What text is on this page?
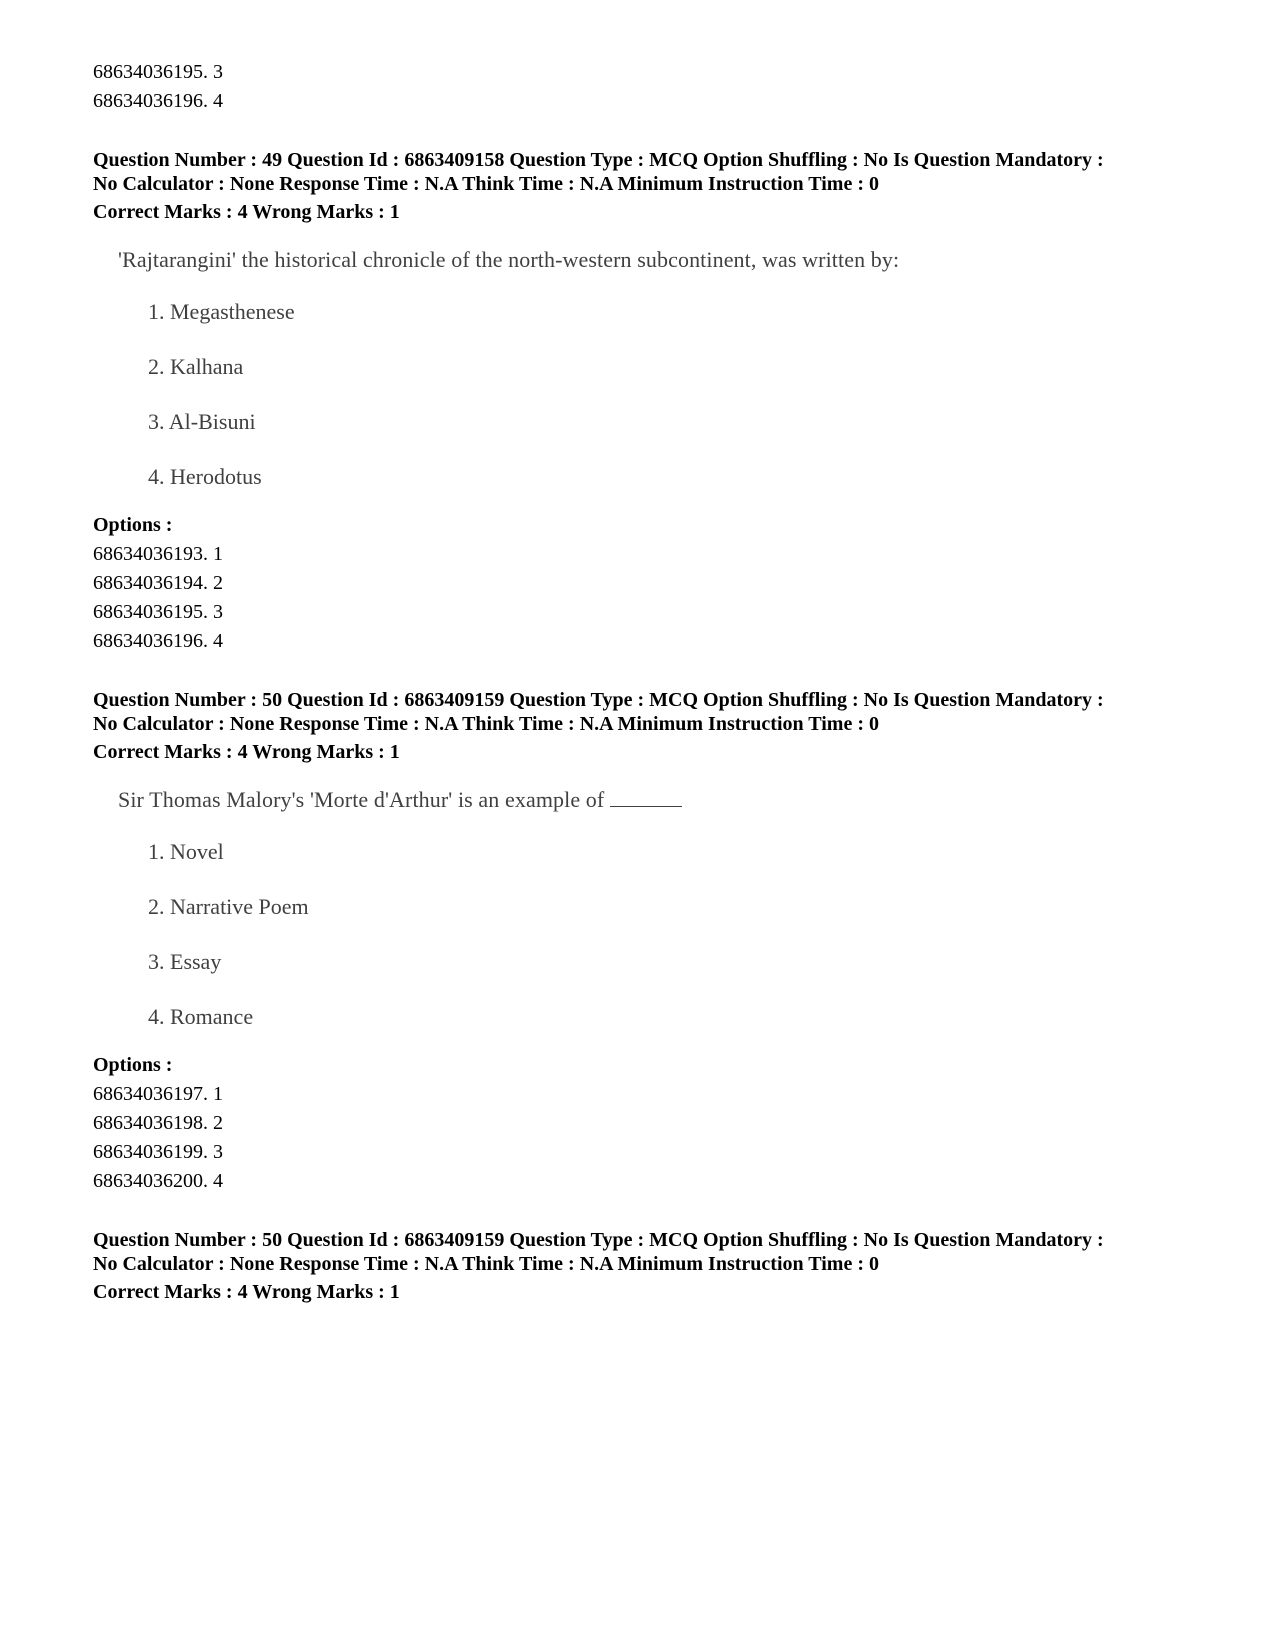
68634036195. 3
68634036196. 4
Question Number : 49 Question Id : 6863409158 Question Type : MCQ Option Shuffling : No Is Question Mandatory :
No Calculator : None Response Time : N.A Think Time : N.A Minimum Instruction Time : 0
Correct Marks : 4 Wrong Marks : 1
'Rajtarangini' the historical chronicle of the north-western subcontinent, was written by:
1. Megasthenese
2. Kalhana
3. Al-Bisuni
4. Herodotus
Options :
68634036193. 1
68634036194. 2
68634036195. 3
68634036196. 4
Question Number : 50 Question Id : 6863409159 Question Type : MCQ Option Shuffling : No Is Question Mandatory :
No Calculator : None Response Time : N.A Think Time : N.A Minimum Instruction Time : 0
Correct Marks : 4 Wrong Marks : 1
Sir Thomas Malory's 'Morte d'Arthur' is an example of
1. Novel
2. Narrative Poem
3. Essay
4. Romance
Options :
68634036197. 1
68634036198. 2
68634036199. 3
68634036200. 4
Question Number : 50 Question Id : 6863409159 Question Type : MCQ Option Shuffling : No Is Question Mandatory :
No Calculator : None Response Time : N.A Think Time : N.A Minimum Instruction Time : 0
Correct Marks : 4 Wrong Marks : 1
